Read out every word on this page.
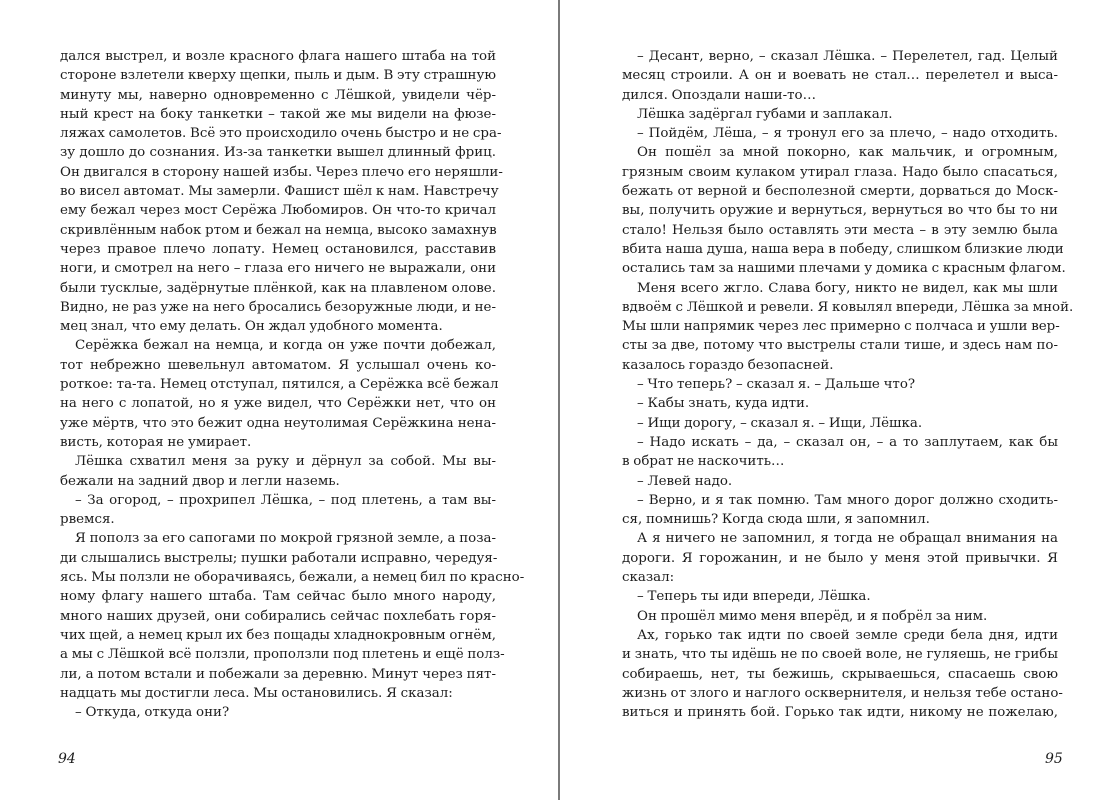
дался выстрел, и возле красного флага нашего штаба на той
стороне взлетели кверху щепки, пыль и дым. В эту страшную
минуту мы, наверно одновременно с Лёшкой, увидели чёр-
ный крест на боку танкетки – такой же мы видели на фюзе-
ляжах самолетов. Всё это происходило очень быстро и не сра-
зу дошло до сознания. Из-за танкетки вышел длинный фриц.
Он двигался в сторону нашей избы. Через плечо его неряшли-
во висел автомат. Мы замерли. Фашист шёл к нам. Навстречу
ему бежал через мост Серёжа Любомиров. Он что-то кричал
скривлённым набок ртом и бежал на немца, высоко замахнув
через правое плечо лопату. Немец остановился, расставив
ноги, и смотрел на него – глаза его ничего не выражали, они
были тусклые, задёрнутые плёнкой, как на плавленом олове.
Видно, не раз уже на него бросались безоружные люди, и не-
мец знал, что ему делать. Он ждал удобного момента.
Серёжка бежал на немца, и когда он уже почти добежал,
тот небрежно шевельнул автоматом. Я услышал очень ко-
роткое: та-та. Немец отступал, пятился, а Серёжка всё бежал
на него с лопатой, но я уже видел, что Серёжки нет, что он
уже мёртв, что это бежит одна неутолимая Серёжкина нена-
висть, которая не умирает.
Лёшка схватил меня за руку и дёрнул за собой. Мы вы-
бежали на задний двор и легли наземь.
– За огород, – прохрипел Лёшка, – под плетень, а там вы-
рвемся.
Я пополз за его сапогами по мокрой грязной земле, а поза-
ди слышались выстрелы; пушки работали исправно, чередуя-
ясь. Мы ползли не оборачиваясь, бежали, а немец бил по красно-
ному флагу нашего штаба. Там сейчас было много народу,
много наших друзей, они собирались сейчас похлебать горя-
чих щей, а немец крыл их без пощады хладнокровным огнём,
а мы с Лёшкой всё ползли, проползли под плетень и ещё полз-
ли, а потом встали и побежали за деревню. Минут через пят-
надцать мы достигли леса. Мы остановились. Я сказал:
– Откуда, откуда они?
– Десант, верно, – сказал Лёшка. – Перелетел, гад. Целый
месяц строили. А он и воевать не стал… перелетел и выса-
дился. Опоздали наши-то…
Лёшка задёргал губами и заплакал.
– Пойдём, Лёша, – я тронул его за плечо, – надо отходить.
Он пошёл за мной покорно, как мальчик, и огромным,
грязным своим кулаком утирал глаза. Надо было спасаться,
бежать от верной и бесполезной смерти, дорваться до Моск-
вы, получить оружие и вернуться, вернуться во что бы то ни
стало! Нельзя было оставлять эти места – в эту землю была
вбита наша душа, наша вера в победу, слишком близкие люди
остались там за нашими плечами у домика с красным флагом.
Меня всего жгло. Слава богу, никто не видел, как мы шли
вдвоём с Лёшкой и ревели. Я ковылял впереди, Лёшка за мной.
Мы шли напрямик через лес примерно с полчаса и ушли вер-
сты за две, потому что выстрелы стали тише, и здесь нам по-
казалось гораздо безопасней.
– Что теперь? – сказал я. – Дальше что?
– Кабы знать, куда идти.
– Ищи дорогу, – сказал я. – Ищи, Лёшка.
– Надо искать – да, – сказал он, – а то заплутаем, как бы
в обрат не наскочить…
– Левей надо.
– Верно, и я так помню. Там много дорог должно сходить-
ся, помнишь? Когда сюда шли, я запомнил.
А я ничего не запомнил, я тогда не обращал внимания на
дороги. Я горожанин, и не было у меня этой привычки. Я
сказал:
– Теперь ты иди впереди, Лёшка.
Он прошёл мимо меня вперёд, и я побрёл за ним.
Ах, горько так идти по своей земле среди бела дня, идти
и знать, что ты идёшь не по своей воле, не гуляешь, не грибы
собираешь, нет, ты бежишь, скрываешься, спасаешь свою
жизнь от злого и наглого осквернителя, и нельзя тебе остано-
виться и принять бой. Горько так идти, никому не пожелаю,
94	95
